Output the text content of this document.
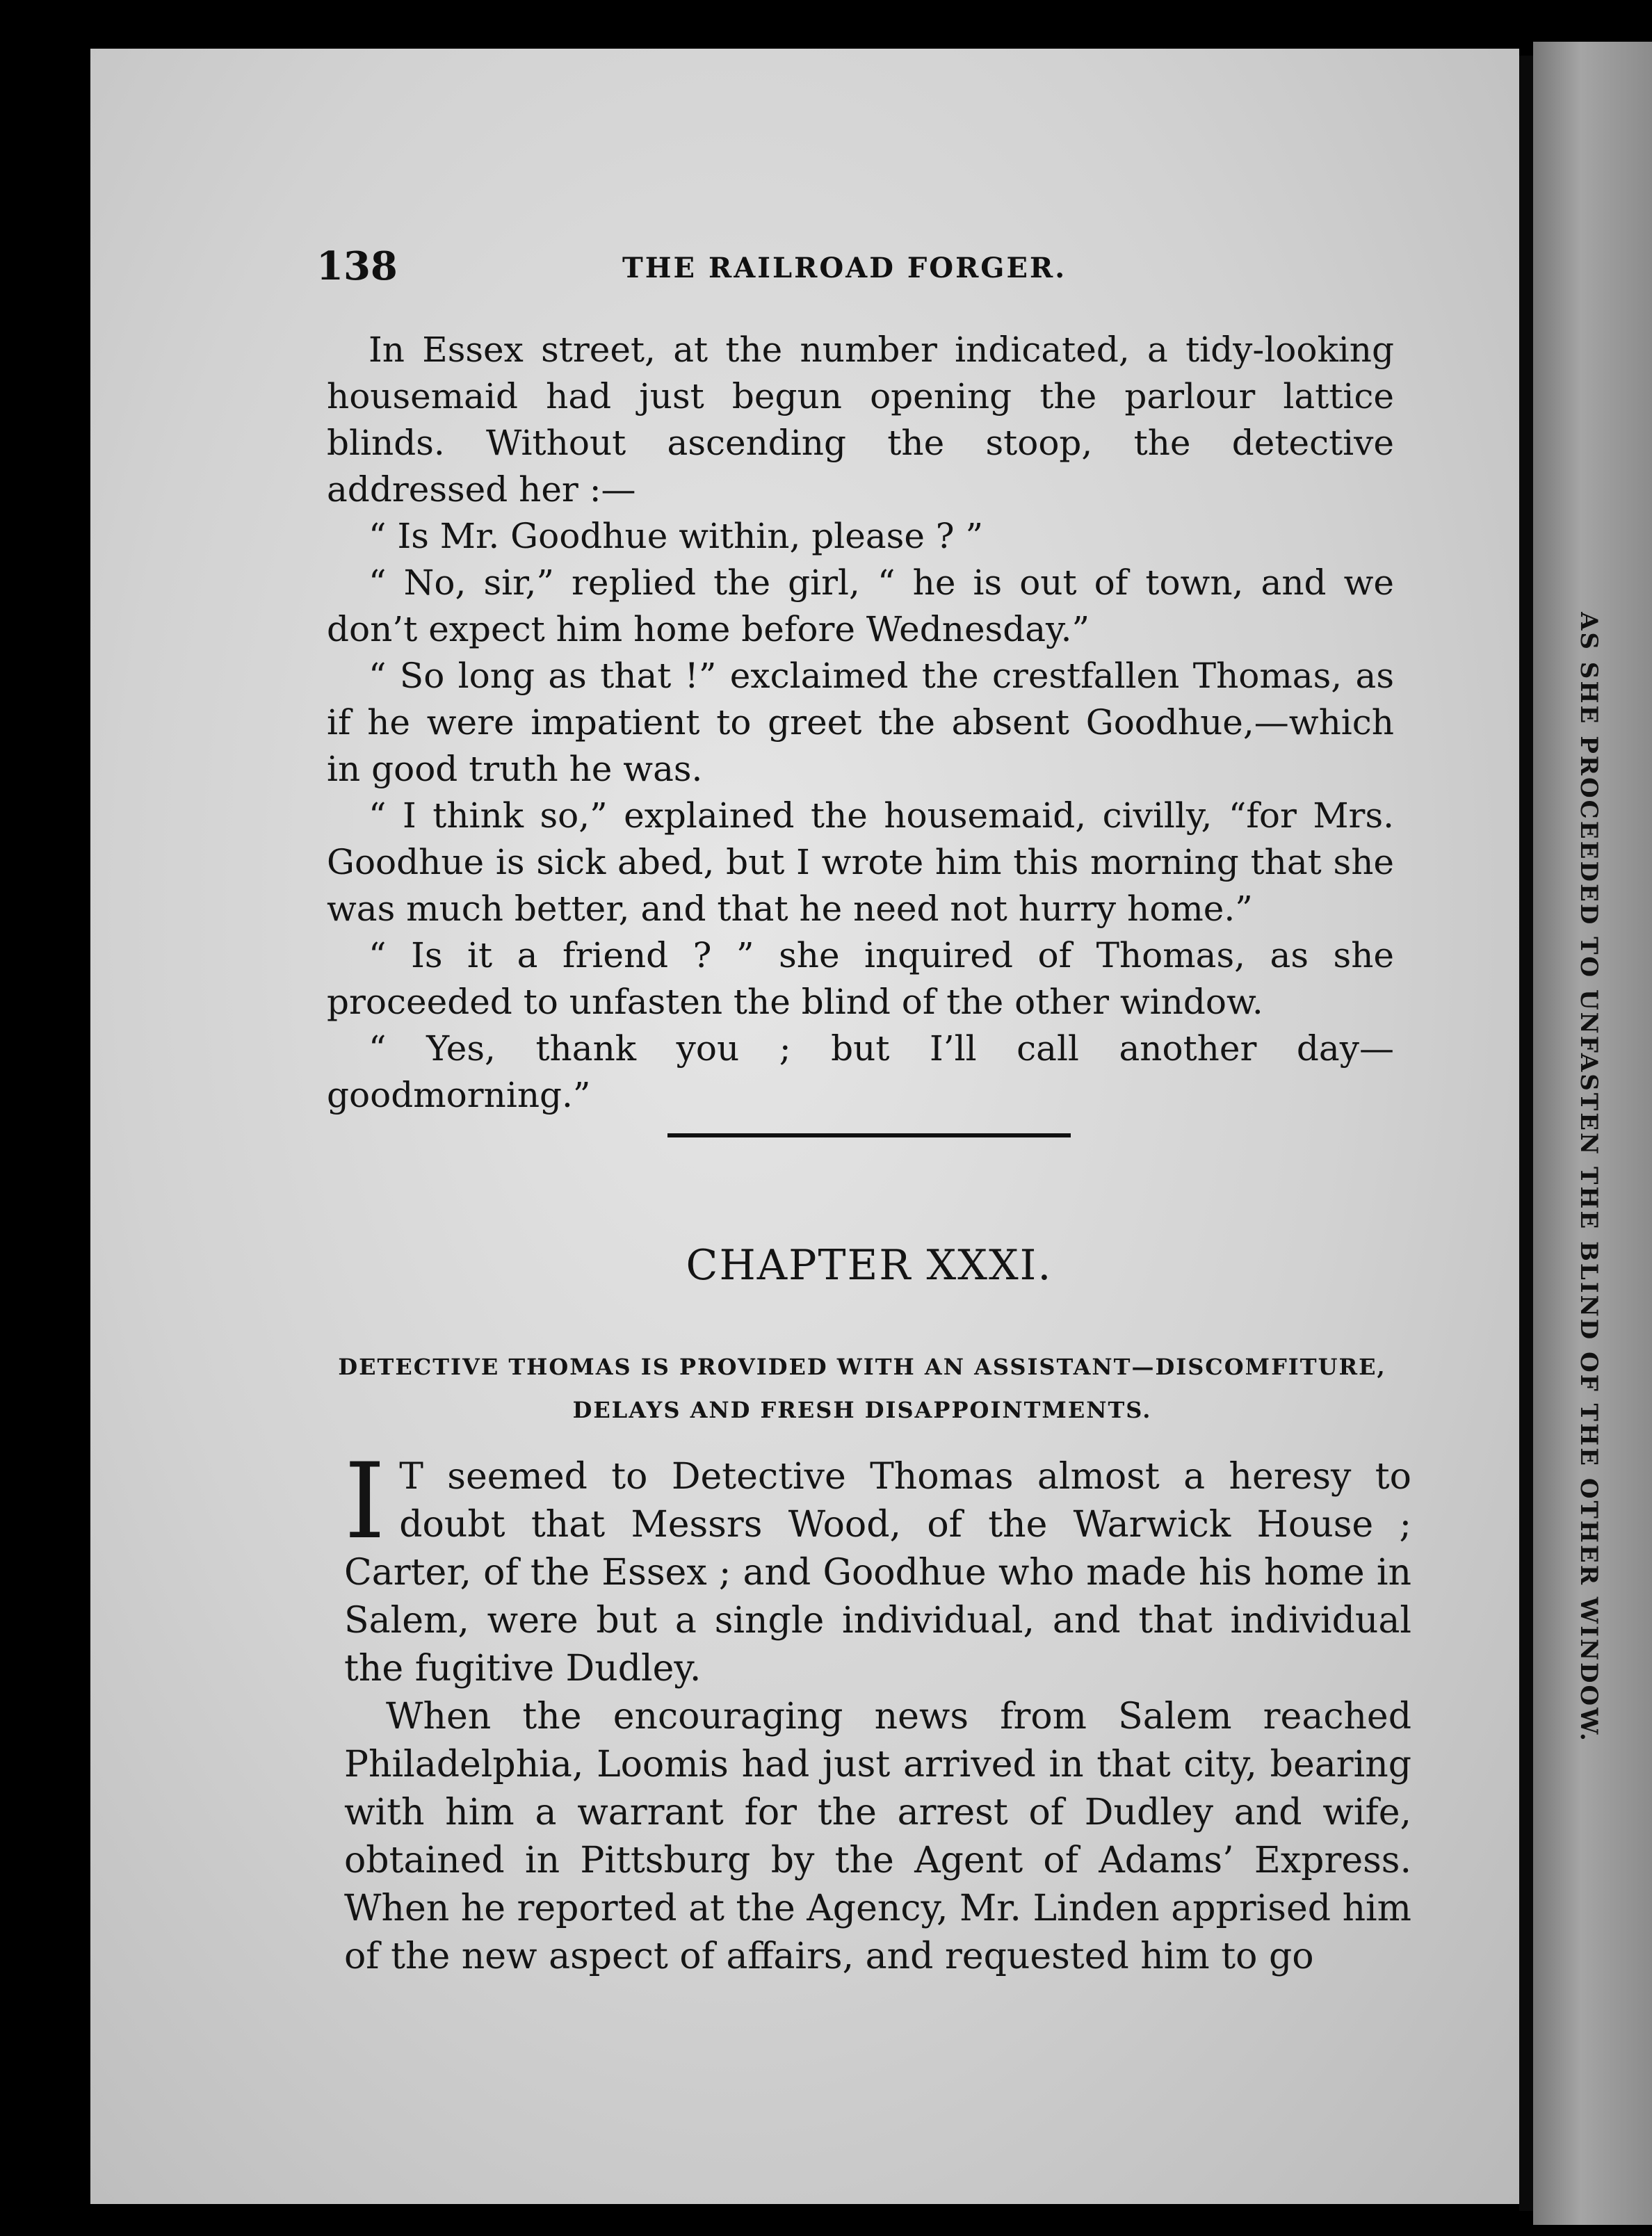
AS SHE PROCEEDED TO UNFASTEN THE BLIND OF THE OTHER WINDOW.
138	THE RAILROAD FORGER.

In Essex street, at the number indicated, a tidy-looking housemaid had just begun opening the parlour lattice blinds. Without ascending the stoop, the detective addressed her :—

“ Is Mr. Goodhue within, please ? ”

“ No, sir,” replied the girl, “ he is out of town, and we don’t expect him home before Wednesday.”

“ So long as that !” exclaimed the crestfallen Thomas, as if he were impatient to greet the absent Goodhue,—which in good truth he was.

“ I think so,” explained the housemaid, civilly, “for Mrs. Goodhue is sick abed, but I wrote him this morning that she was much better, and that he need not hurry home.”

“ Is it a friend ? ” she inquired of Thomas, as she proceeded to unfasten the blind of the other window.

“ Yes, thank you ; but I’ll call another day—goodmorning.”

CHAPTER XXXI.
DETECTIVE THOMAS IS PROVIDED WITH AN ASSISTANT—DISCOMFITURE,
DELAYS AND FRESH DISAPPOINTMENTS.

I T seemed to Detective Thomas almost a heresy to doubt that Messrs Wood, of the Warwick House ; Carter, of the Essex ; and Goodhue who made his home in Salem, were but a single individual, and that individual the fugitive Dudley.

When the encouraging news from Salem reached Philadelphia, Loomis had just arrived in that city, bearing with him a warrant for the arrest of Dudley and wife, obtained in Pittsburg by the Agent of Adams’ Express. When he reported at the Agency, Mr. Linden apprised him of the new aspect of affairs, and requested him to go
